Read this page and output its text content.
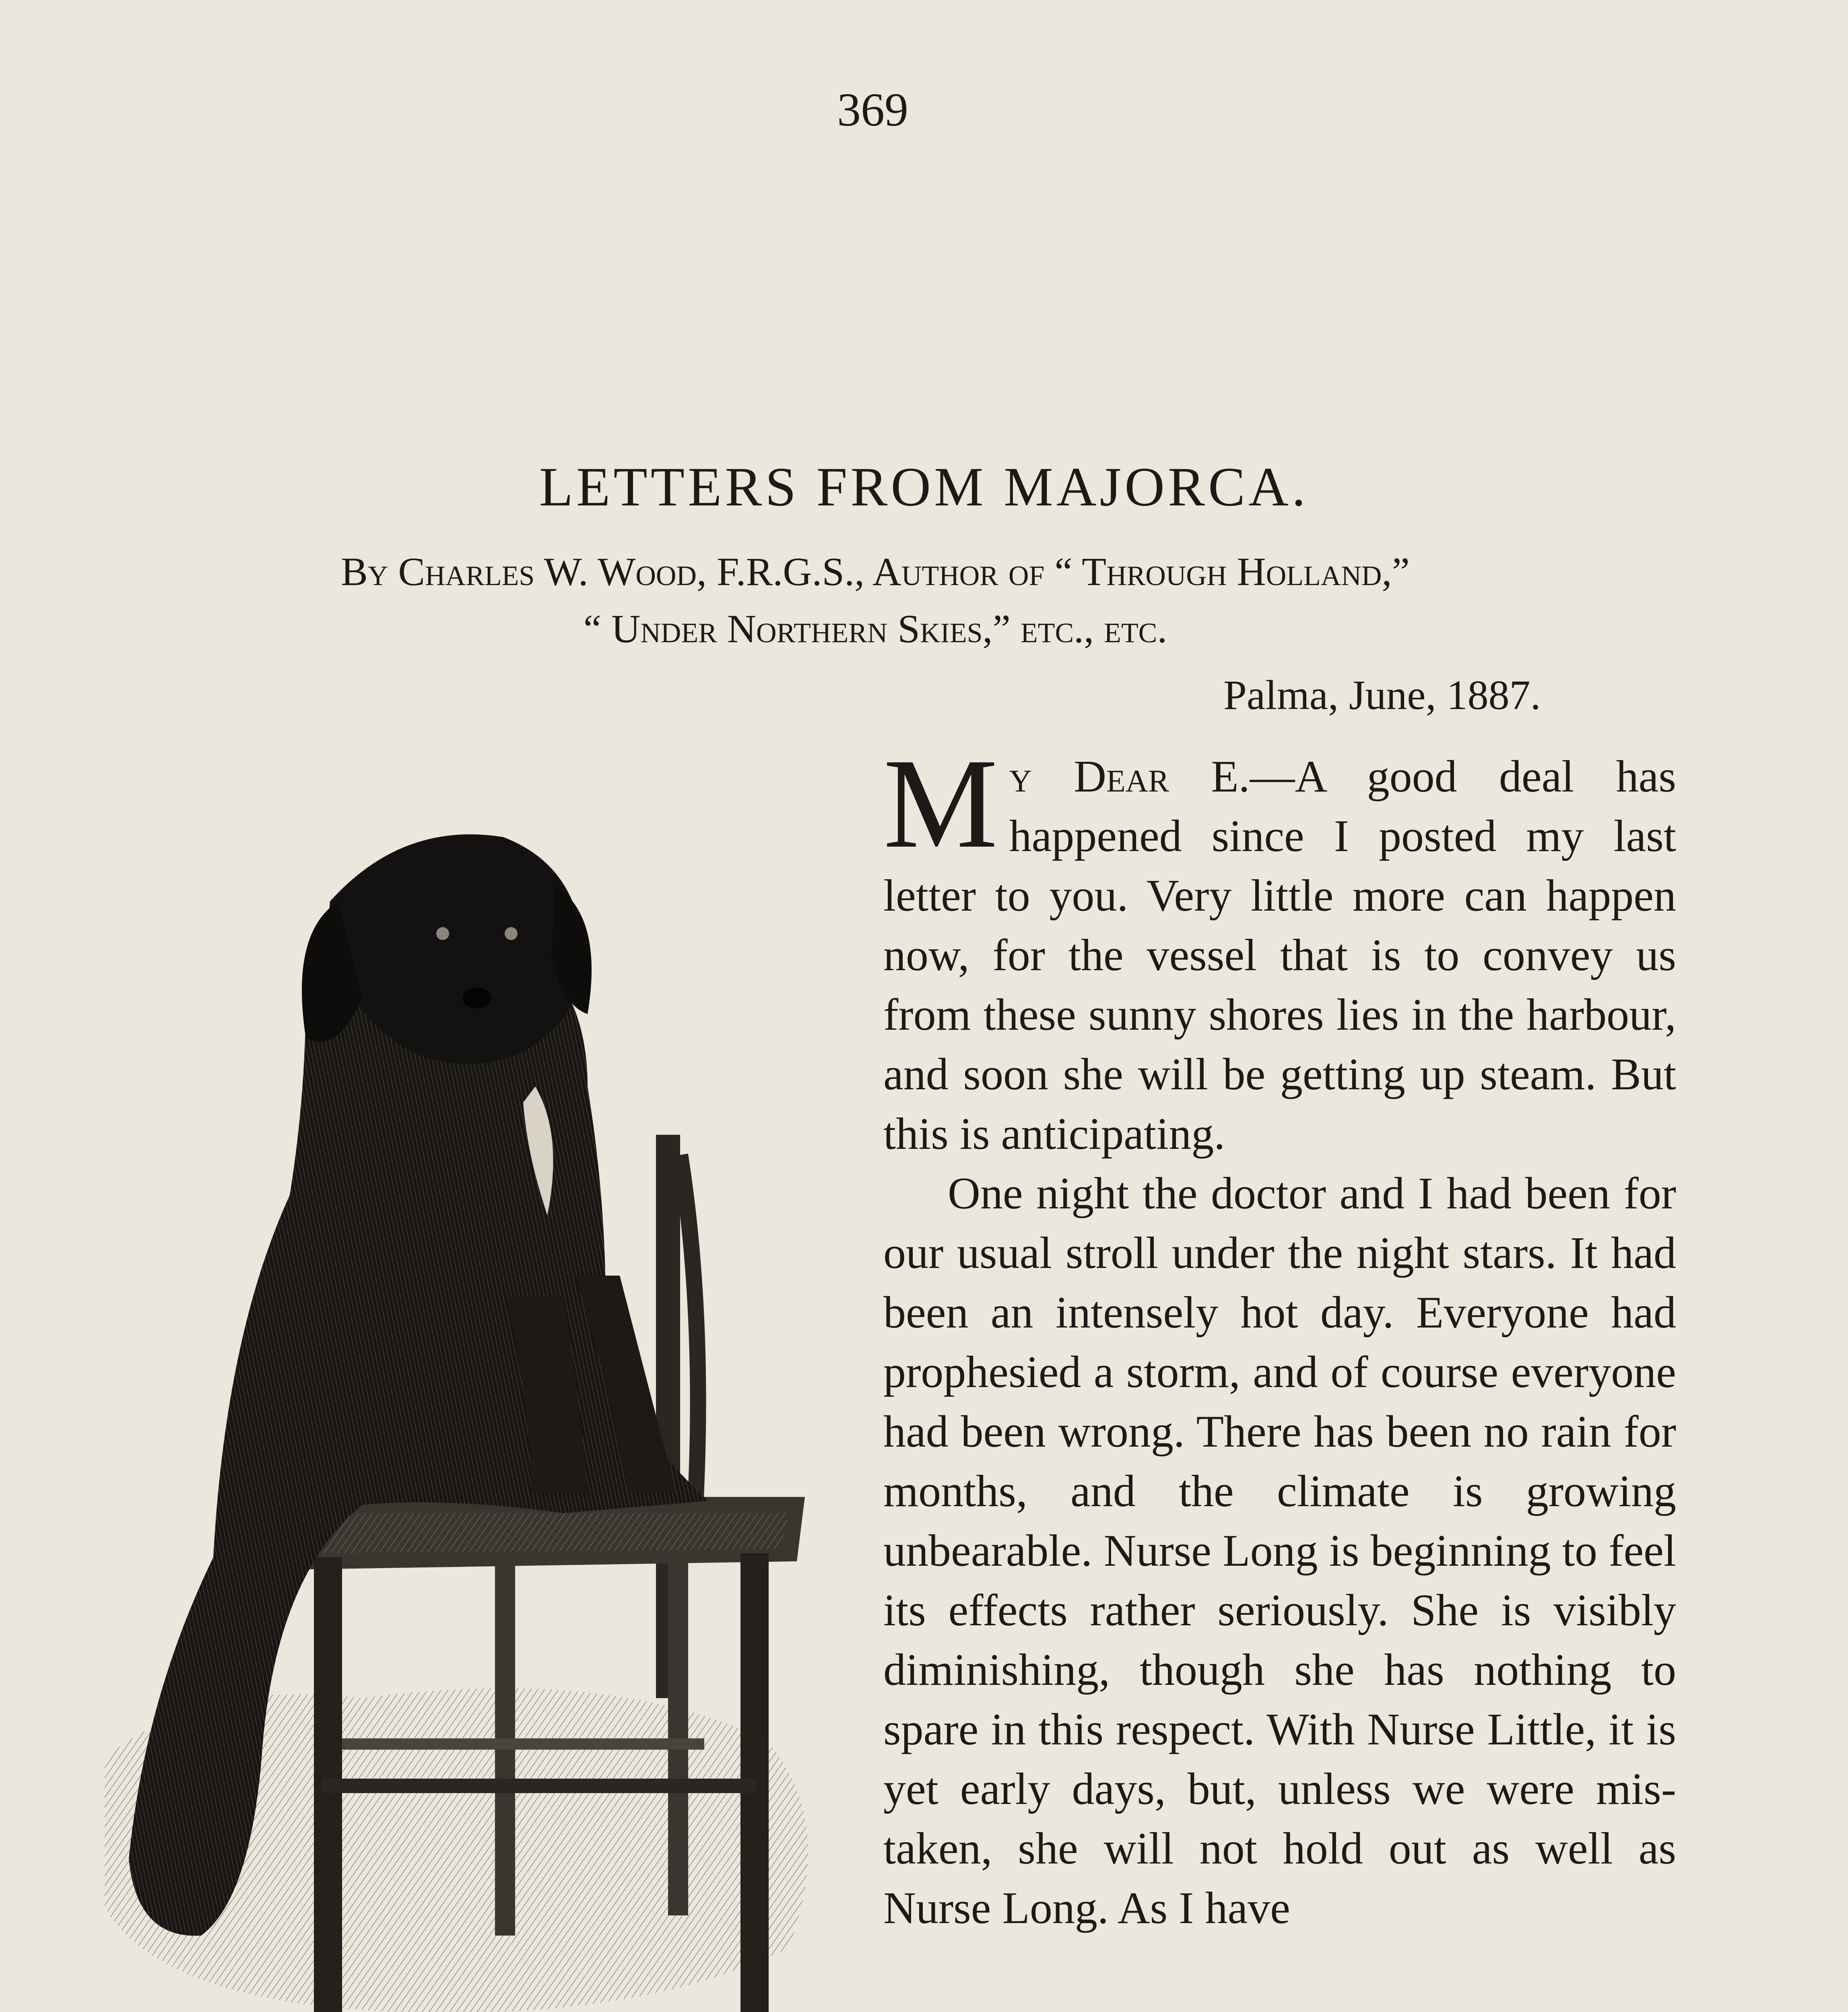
369
LETTERS FROM MAJORCA.
By Charles W. Wood, F.R.G.S., Author of “ Through Holland,”
“ Under Northern Skies,” etc., etc.
Palma, June, 1887.

My Dear E.—A good deal has happened since I posted my last letter to you. Very little more can happen now, for the vessel that is to convey us from these sunny shores lies in the harbour, and soon she will be getting up steam. But this is anticipating.

One night the doctor and I had been for our usual stroll under the night stars. It had been an intensely hot day. Everyone had prophesied a storm, and of course everyone had been wrong. There has been no rain for months, and the climate is growing unbearable. Nurse Long is beginning to feel its effects rather seriously. She is visibly diminishing, though she has nothing to spare in this respect. With Nurse Little, it is yet early days, but, unless we were mistaken, she will not hold out as well as Nurse Long. As I have
